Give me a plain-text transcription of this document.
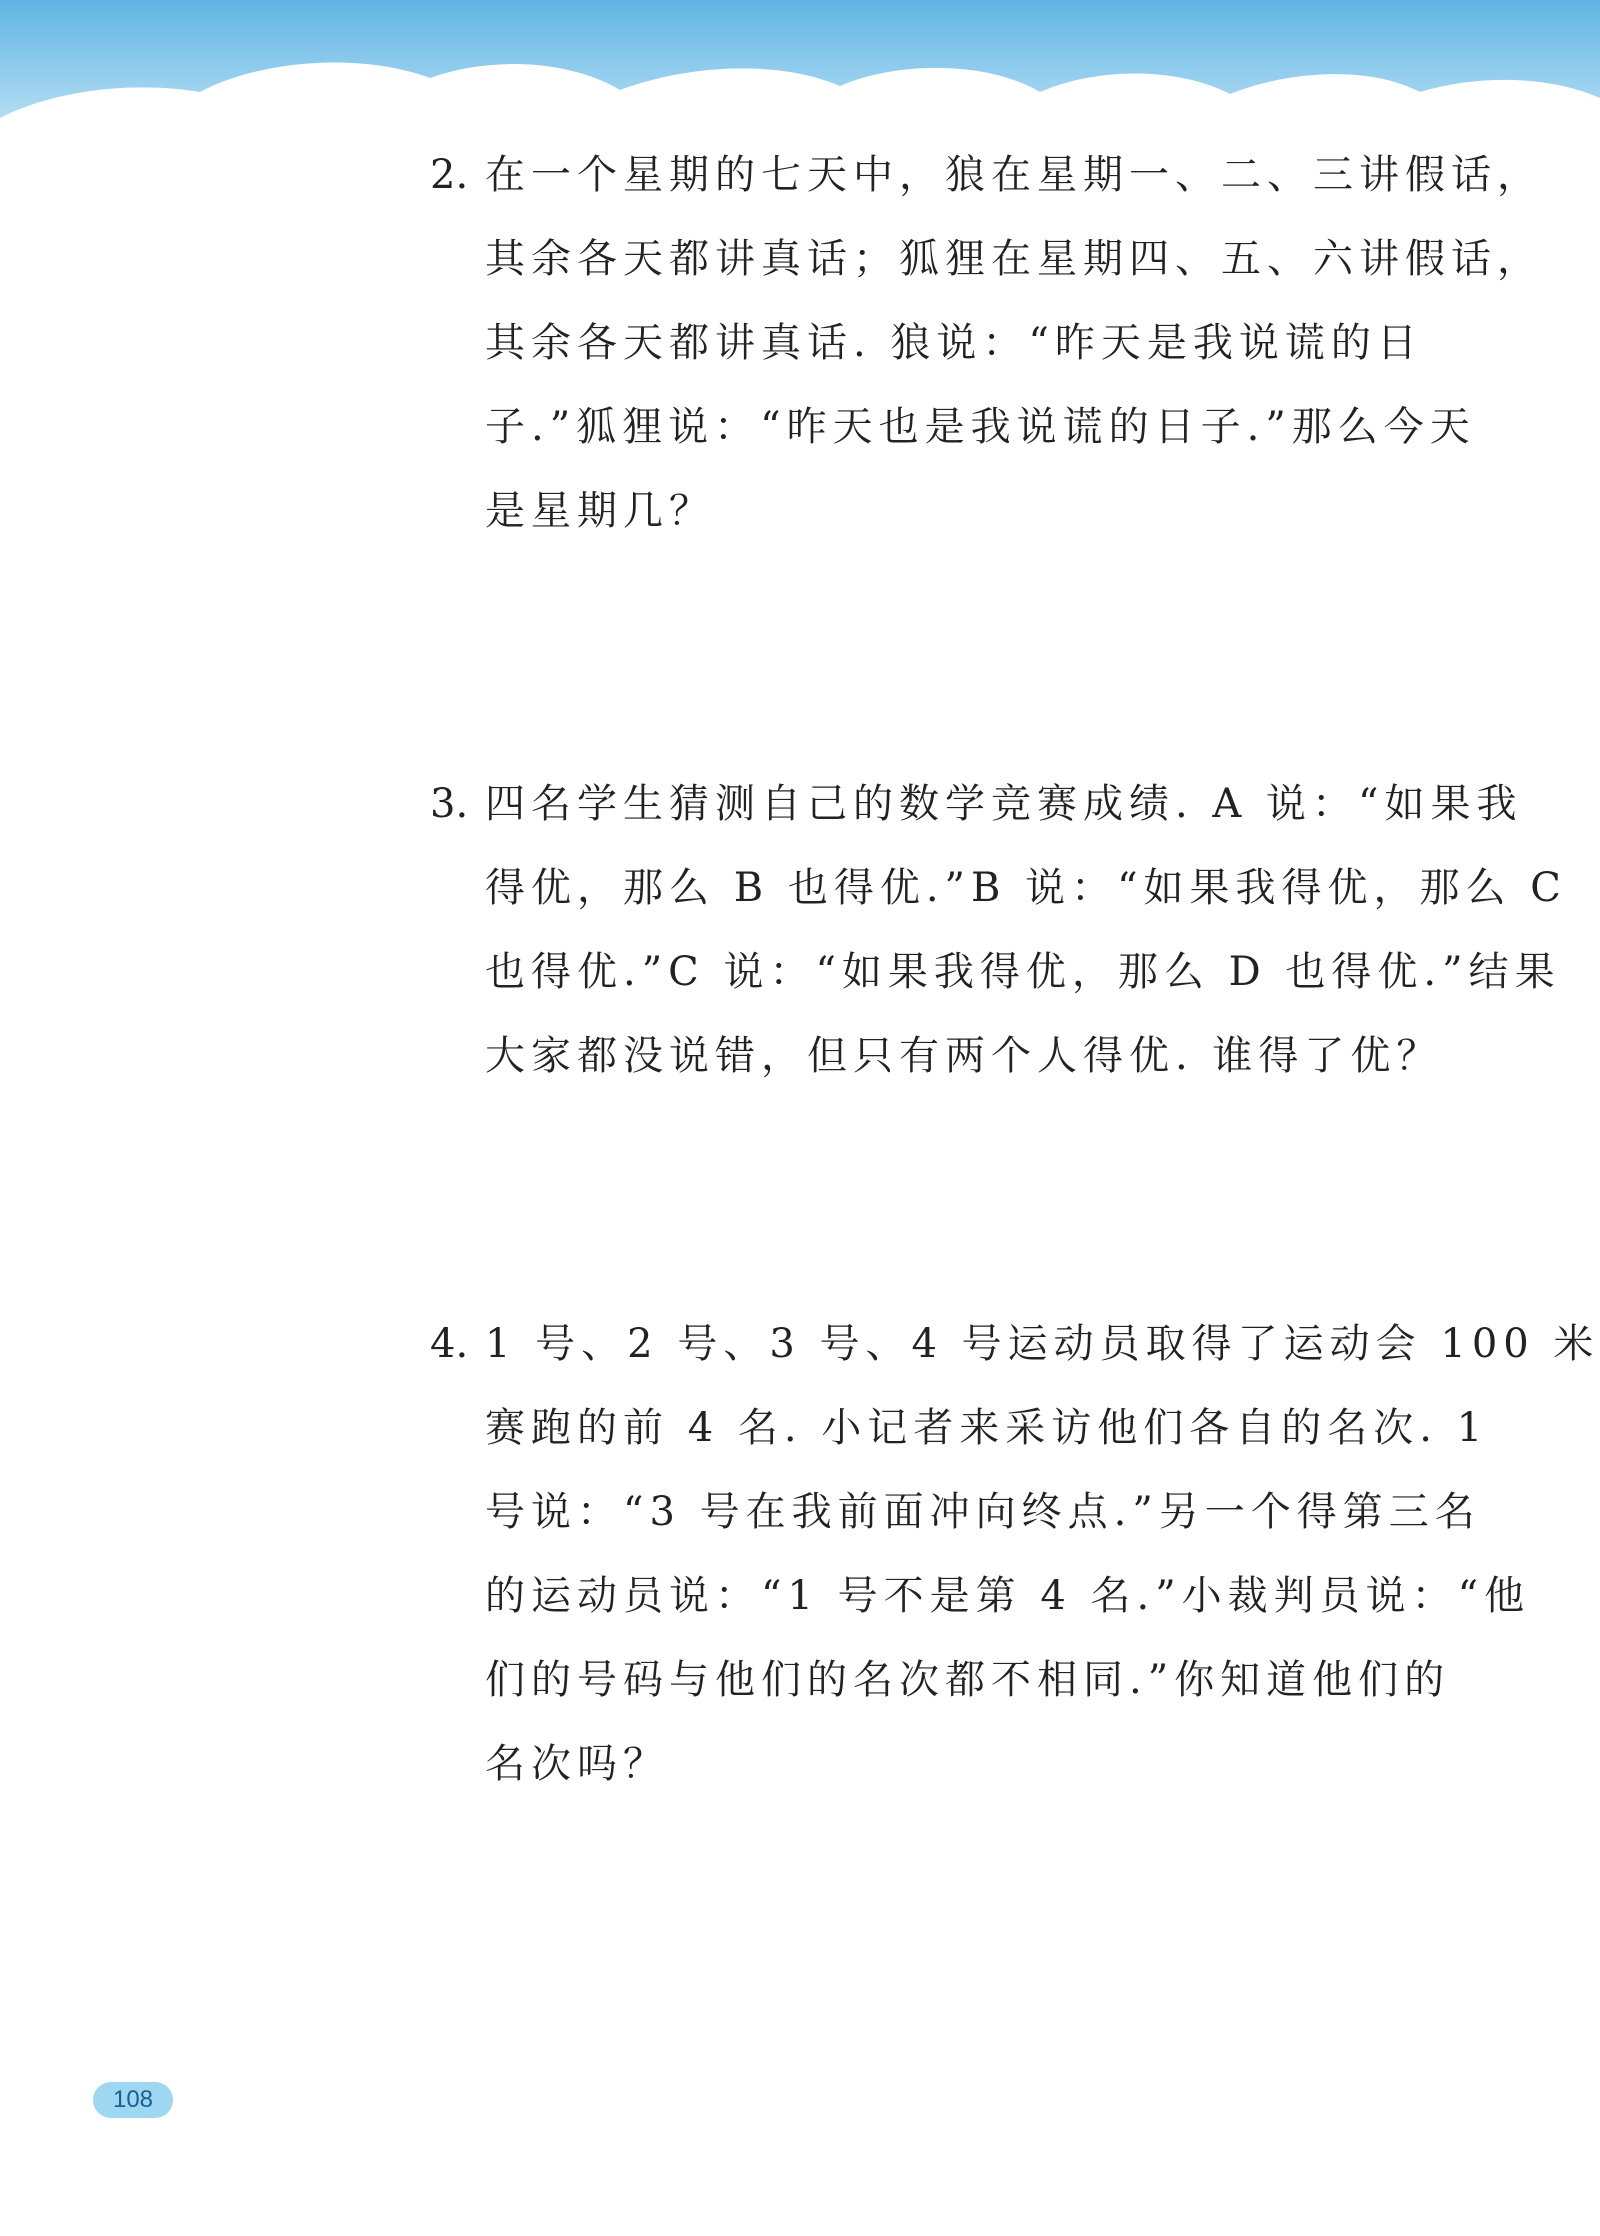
2. 在一个星期的七天中，狼在星期一、二、三讲假话，
其余各天都讲真话；狐狸在星期四、五、六讲假话，
其余各天都讲真话. 狼说：“昨天是我说谎的日
子.”狐狸说：“昨天也是我说谎的日子.”那么今天
是星期几？
3. 四名学生猜测自己的数学竞赛成绩. A 说：“如果我
得优，那么 B 也得优.”B 说：“如果我得优，那么 C
也得优.”C 说：“如果我得优，那么 D 也得优.”结果
大家都没说错，但只有两个人得优. 谁得了优？
4. 1 号、2 号、3 号、4 号运动员取得了运动会 100 米
赛跑的前 4 名. 小记者来采访他们各自的名次. 1
号说：“3 号在我前面冲向终点.”另一个得第三名
的运动员说：“1 号不是第 4 名.”小裁判员说：“他
们的号码与他们的名次都不相同.”你知道他们的
名次吗？
108
